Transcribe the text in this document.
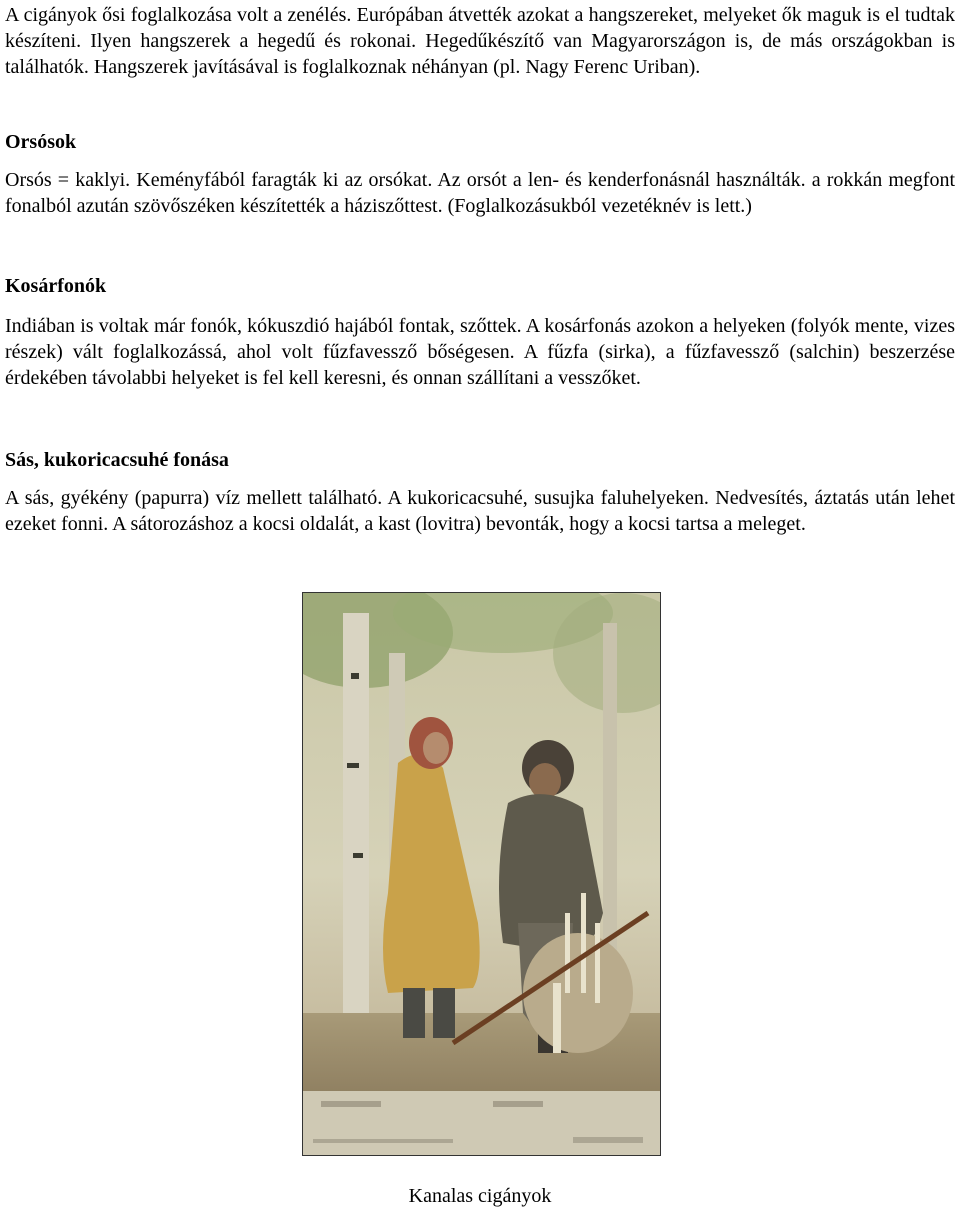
A cigányok ősi foglalkozása volt a zenélés. Európában átvették azokat a hangszereket, melyeket ők maguk is el tudtak készíteni. Ilyen hangszerek a hegedű és rokonai. Hegedűkészítő van Magyarországon is, de más országokban is találhatók. Hangszerek javításával is foglalkoznak néhányan (pl. Nagy Ferenc Uriban).

Orsósok

Orsós = kaklyi. Keményfából faragták ki az orsókat. Az orsót a len- és kenderfonásnál használták. a rokkán megfont fonalból azután szövőszéken készítették a háziszőttest. (Foglalkozásukból vezetéknév is lett.)

Kosárfonók

Indiában is voltak már fonók, kókuszdió hajából fontak, szőttek. A kosárfonás azokon a helyeken (folyók mente, vizes részek) vált foglalkozássá, ahol volt fűzfavessző bőségesen. A fűzfa (sirka), a fűzfavessző (salchin) beszerzése érdekében távolabbi helyeket is fel kell keresni, és onnan szállítani a vesszőket.

Sás, kukoricacsuhé fonása

A sás, gyékény (papurra) víz mellett található. A kukoricacsuhé, susujka faluhelyeken. Nedvesítés, áztatás után lehet ezeket fonni. A sátorozáshoz a kocsi oldalát, a kast (lovitra) bevonták, hogy a kocsi tartsa a meleget.

Kanalas cigányok
